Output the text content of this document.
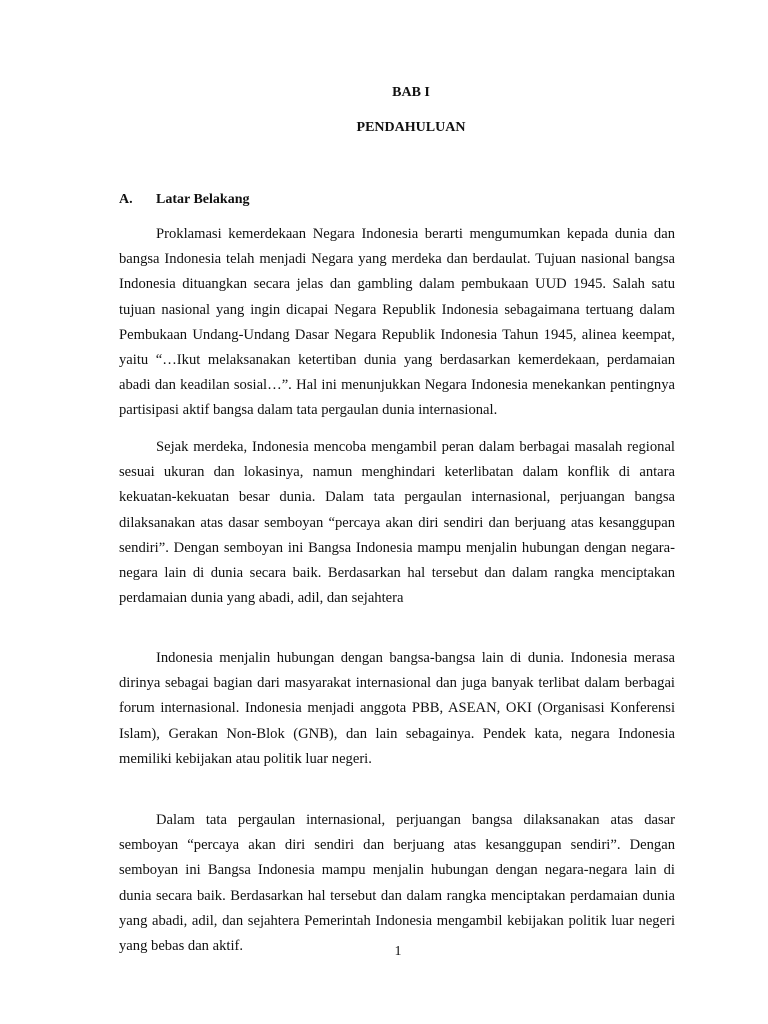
BAB I
PENDAHULUAN
A.	Latar Belakang

Proklamasi kemerdekaan Negara Indonesia berarti mengumumkan kepada dunia dan bangsa Indonesia telah menjadi Negara yang merdeka dan berdaulat. Tujuan nasional bangsa Indonesia dituangkan secara jelas dan gambling dalam pembukaan UUD 1945. Salah satu tujuan nasional yang ingin dicapai Negara Republik Indonesia sebagaimana tertuang dalam Pembukaan Undang-Undang Dasar Negara Republik Indonesia Tahun 1945, alinea keempat, yaitu “…Ikut melaksanakan ketertiban dunia yang berdasarkan kemerdekaan, perdamaian abadi dan keadilan sosial…”. Hal ini menunjukkan Negara Indonesia menekankan pentingnya partisipasi aktif bangsa dalam tata pergaulan dunia internasional.

Sejak merdeka, Indonesia mencoba mengambil peran dalam berbagai masalah regional sesuai ukuran dan lokasinya, namun menghindari keterlibatan dalam konflik di antara kekuatan-kekuatan besar dunia. Dalam tata pergaulan internasional, perjuangan bangsa dilaksanakan atas dasar semboyan “percaya akan diri sendiri dan berjuang atas kesanggupan sendiri”. Dengan semboyan ini Bangsa Indonesia mampu menjalin hubungan dengan negara-negara lain di dunia secara baik. Berdasarkan hal tersebut dan dalam rangka menciptakan perdamaian dunia yang abadi, adil, dan sejahtera

Indonesia menjalin hubungan dengan bangsa-bangsa lain di dunia. Indonesia merasa dirinya sebagai bagian dari masyarakat internasional dan juga banyak terlibat dalam berbagai forum internasional. Indonesia menjadi anggota PBB, ASEAN, OKI (Organisasi Konferensi Islam), Gerakan Non-Blok (GNB), dan lain sebagainya. Pendek kata, negara Indonesia memiliki kebijakan atau politik luar negeri.

Dalam tata pergaulan internasional, perjuangan bangsa dilaksanakan atas dasar semboyan “percaya akan diri sendiri dan berjuang atas kesanggupan sendiri”. Dengan semboyan ini Bangsa Indonesia mampu menjalin hubungan dengan negara-negara lain di dunia secara baik. Berdasarkan hal tersebut dan dalam rangka menciptakan perdamaian dunia yang abadi, adil, dan sejahtera Pemerintah Indonesia mengambil kebijakan politik luar negeri yang bebas dan aktif.	1
